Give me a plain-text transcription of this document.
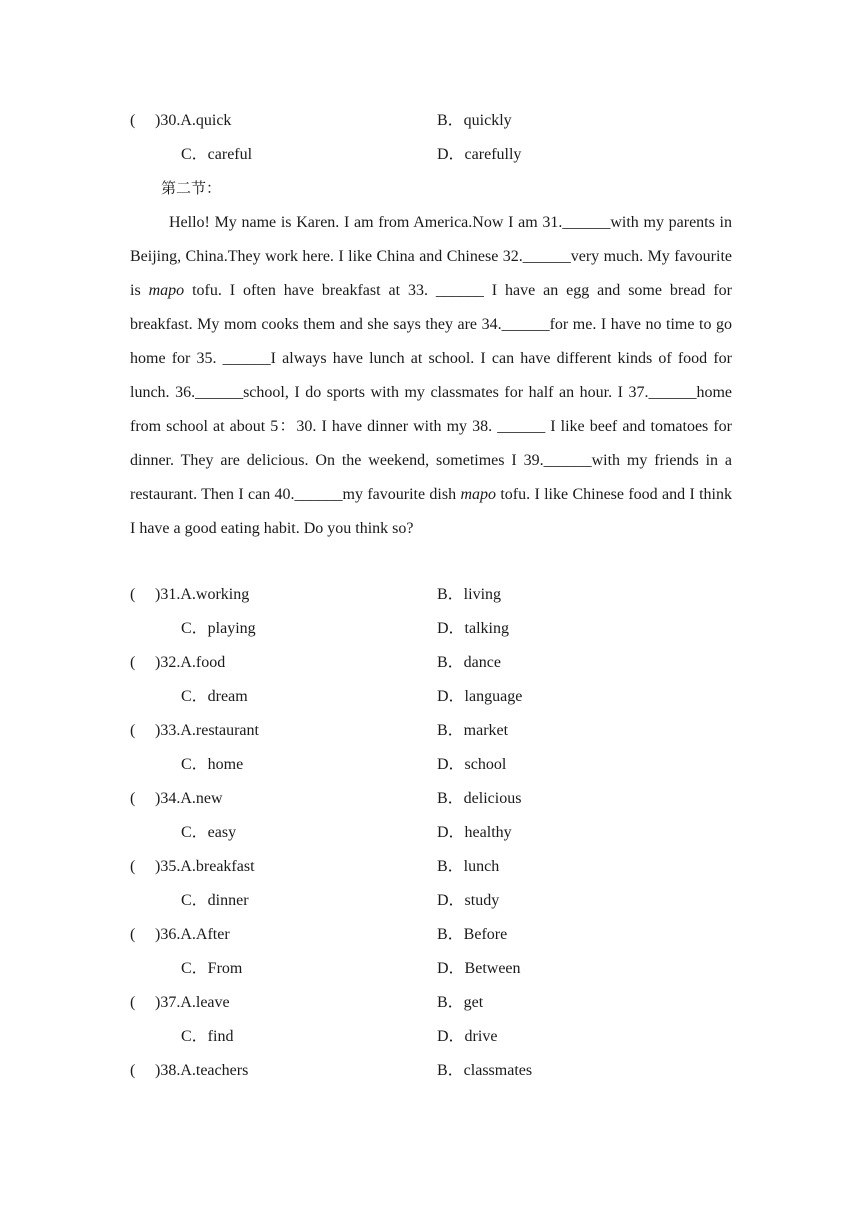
( )30.A.quick	B．quickly
C．careful	D．carefully
第二节：

Hello! My name is Karen. I am from America.Now I am 31.______with my parents in Beijing, China.They work here. I like China and Chinese 32.______very much. My favourite is mapo tofu. I often have breakfast at 33. ______ I have an egg and some bread for breakfast. My mom cooks them and she says they are 34.______for me. I have no time to go home for 35. ______I always have lunch at school. I can have different kinds of food for lunch. 36.______school, I do sports with my classmates for half an hour. I 37.______home from school at about 5：30. I have dinner with my 38. ______ I like beef and tomatoes for dinner. They are delicious. On the weekend, sometimes I 39.______with my friends in a restaurant. Then I can 40.______my favourite dish mapo tofu. I like Chinese food and I think I have a good eating habit. Do you think so?

( )31.A.working	B．living
C．playing	D．talking
( )32.A.food	B．dance
C．dream	D．language
( )33.A.restaurant	B．market
C．home	D．school
( )34.A.new	B．delicious
C．easy	D．healthy
( )35.A.breakfast	B．lunch
C．dinner	D．study
( )36.A.After	B．Before
C．From	D．Between
( )37.A.leave	B．get
C．find	D．drive
( )38.A.teachers	B．classmates
